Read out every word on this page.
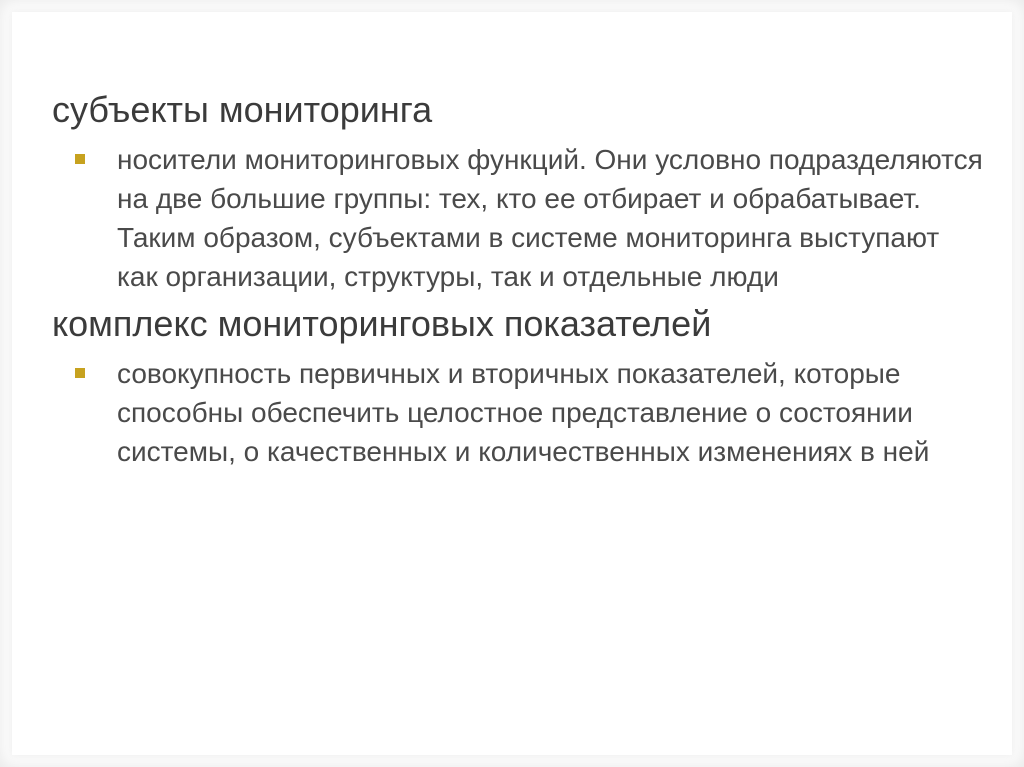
субъекты мониторинга

носители мониторинговых функций. Они условно подразделяются на две большие группы: тех, кто ее отбирает и обрабатывает. Таким образом, субъектами в системе мониторинга выступают как организации, структуры, так и отдельные люди

комплекс мониторинговых показателей

совокупность первичных и вторичных показателей, которые способны обеспечить целостное представление о состоянии системы, о качественных и количественных изменениях в ней
